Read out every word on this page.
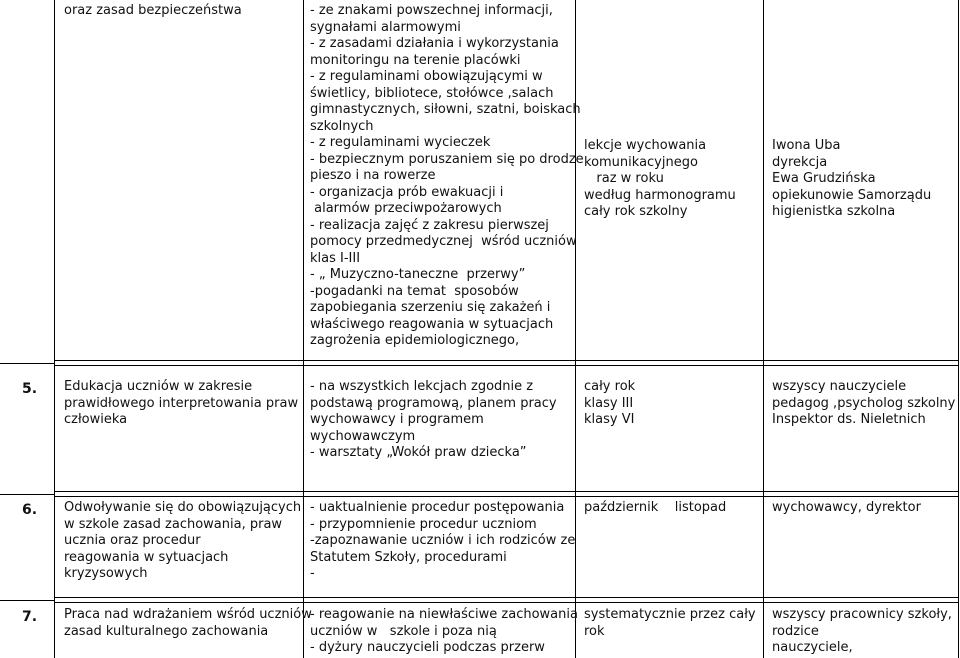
oraz zasad bezpieczeństwa	- ze znakami powszechnej informacji,
sygnałami alarmowymi
- z zasadami działania i wykorzystania
monitoringu na terenie placówki
- z regulaminami obowiązującymi w
świetlicy, bibliotece, stołówce ,salach
gimnastycznych, siłowni, szatni, boiskach
szkolnych
- z regulaminami wycieczek
- bezpiecznym poruszaniem się po drodze
pieszo i na rowerze
- organizacja prób ewakuacji i
alarmów przeciwpożarowych
- realizacja zajęć z zakresu pierwszej
pomocy przedmedycznej  wśród uczniów
klas I-III
- „ Muzyczno-taneczne  przerwy”
-pogadanki na temat  sposobów
zapobiegania szerzeniu się zakażeń i
właściwego reagowania w sytuacjach
zagrożenia epidemiologicznego,
lekcje wychowania
komunikacyjnego
raz w roku
według harmonogramu
cały rok szkolny
Iwona Uba
dyrekcja
Ewa Grudzińska
opiekunowie Samorządu
higienistka szkolna
5. Edukacja uczniów w zakresie
prawidłowego interpretowania praw
człowieka
- na wszystkich lekcjach zgodnie z
podstawą programową, planem pracy
wychowawcy i programem
wychowawczym
- warsztaty „Wokół praw dziecka”
cały rok
klasy III
klasy VI
wszyscy nauczyciele
pedagog ,psycholog szkolny
Inspektor ds. Nieletnich
6. Odwoływanie się do obowiązujących
w szkole zasad zachowania, praw
ucznia oraz procedur
reagowania w sytuacjach
kryzysowych
- uaktualnienie procedur postępowania
- przypomnienie procedur uczniom
-zapoznawanie uczniów i ich rodziców ze
Statutem Szkoły, procedurami
-
październik    listopad	wychowawcy, dyrektor
7. Praca nad wdrażaniem wśród uczniów
zasad kulturalnego zachowania
- reagowanie na niewłaściwe zachowania
uczniów w   szkole i poza nią
- dyżury nauczycieli podczas przerw
systematycznie przez cały
rok
wszyscy pracownicy szkoły,
rodzice
nauczyciele,
